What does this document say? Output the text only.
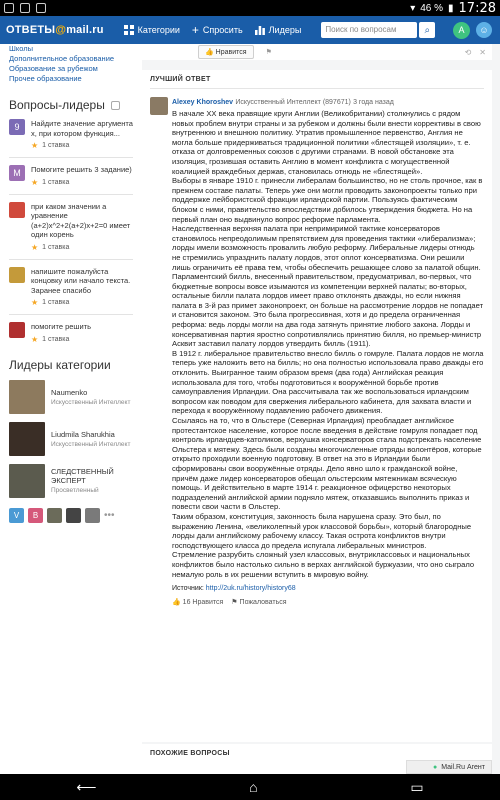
▾ 46 % ▮ 17:28
ОТВЕТЫ@mail.ru	Категории + Спросить	Лидеры	Поиск по вопросам	⌕	A	☺
Школы
Дополнительное образование
Образование за рубежом
Прочее образование
Вопросы-лидеры
9	Найдите значение аргумента x, при котором функция...
★ 1 ставка
М	Помогите решить 3 задание)
★ 1 ставка
при каком значении a уравнение (a+2)x^2+2(a+2)x+2=0 имеет один корень
★ 1 ставка
напишите пожалуйста концовку или начало текста. Заранее спасибо
★ 1 ставка
помогите решить
★ 1 ставка
Лидеры категории
Naumenko
Искусственный Интеллект
Liudmila Sharukhia
Искусственный Интеллект
СЛЕДСТВЕННЫЙ ЭКСПЕРТ
Просветленный
V	В	•••
👍 Нравится	⚑	⟲ ✕
ЛУЧШИЙ ОТВЕТ
Alexey Khoroshev Искусственный Интеллект (897671) 3 года назад
В начале XX века правящие круги Англии (Великобритании) столкнулись с рядом новых проблем внутри страны и за рубежом и должны были внести коррективы в свою внутреннюю и внешнюю политику. Утратив промышленное первенство, Англия не могла больше придерживаться традиционной политики «блестящей изоляции», т. е. отказа от долговременных союзов с другими странами. В новой обстановке эта изоляция, грозившая оставить Англию в момент конфликта с могущественной коалицией враждебных держав, становилась отнюдь не «блестящей».
Выборы в январе 1910 г. принесли либералам большинство, но не столь прочное, как в прежнем составе палаты. Теперь уже они могли проводить законопроекты только при поддержке лейбористской фракции ирландской партии. Пользуясь фактическим блоком с ними, правительство впоследствии добилось утверждения бюджета. Но на первый план оно выдвинуло вопрос реформе парламента.
Наследственная верхняя палата при непримиримой тактике консерваторов становилось непреодолимым препятствием для проведения тактики «либерализма»; лорды имели возможность провалить любую реформу. Либеральные лидеры отнюдь не стремились упразднить палату лордов, этот оплот консерватизма. Они решили лишь ограничить её права тем, чтобы обеспечить решающее слово за палатой общин. Парламентский билль, внесенный правительством, предусматривал, во-первых, что бюджетные вопросы вовсе изымаются из компетенции верхней палаты; во-вторых, остальные билли палата лордов имеет право отклонять дважды, но если нижняя палата в 3-й раз примет законопроект, он больше на рассмотрение лордов не попадает и становится законом. Это была прогрессивная, хотя и до предела ограниченная реформа: ведь лорды могли на два года затянуть принятие любого закона. Лорды и консервативная партия яростно сопротивлялись принятию билля, но премьер-министр Асквит заставил палату лордов утвердить билль (1911).
В 1912 г. либеральное правительство внесло билль о гомруле. Палата лордов не могла теперь уже наложить вето на билль; но она полностью использовала право дважды его отклонить. Выигранное таким образом время (два года) Английская реакция использовала для того, чтобы подготовиться к вооружённой борьбе против самоуправления Ирландии. Она рассчитывала так же воспользоваться ирландским вопросом как поводом для свержения либерального кабинета, для захвата власти и перехода к вооружённому подавлению рабочего движения.
Ссылаясь на то, что в Ольстере (Северная Ирландия) преобладает английское протестантское население, которое после введения в действие гомруля попадает под контроль ирландцев-католиков, верхушка консерваторов стала подстрекать население Ольстера к мятежу. Здесь были созданы многочисленные отряды волонтёров, которые открыто проходили военную подготовку. В ответ на это в Ирландии были сформированы свои вооружённые отряды. Дело явно шло к гражданской войне, причём даже лидер консерваторов обещал ольстерским мятежникам всяческую помощь. И действительно в марте 1914 г. реакционное офицерство некоторых подразделений английской армии подняло мятеж, отказавшись выполнить приказ и повести свои части в Ольстер.
Таким образом, конституция, законность была нарушена сразу. Это был, по выражению Ленина, «великолепный урок классовой борьбы», который благородные лорды дали английскому рабочему классу. Такая острота конфликтов внутри господствующего класса до предела испугала либеральных министров.
Стремление разрубить сложный узел классовых, внутриклассовых и национальных конфликтов было настолько сильно в верхах английской буржуазии, что оно сыграло немалую роль в их решении вступить в мировую войну.
Источник: http://2uk.ru/history/history68
👍 16 Нравится ⚑ Пожаловаться
ПОХОЖИЕ ВОПРОСЫ
● Mail.Ru Агент
⟵	⌂	▭
